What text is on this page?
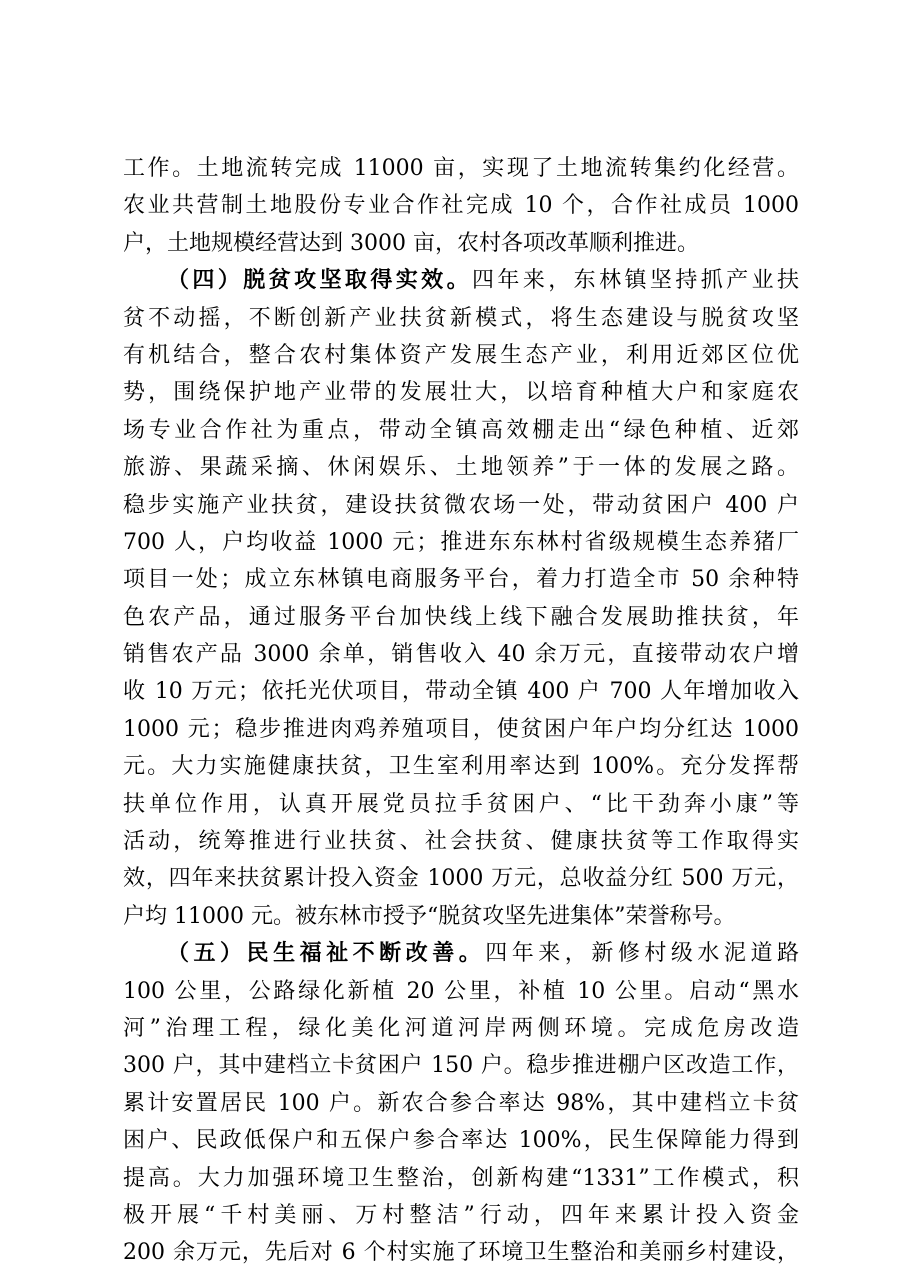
工作。土地流转完成 11000 亩，实现了土地流转集约化经营。
农业共营制土地股份专业合作社完成 10 个，合作社成员 1000
户，土地规模经营达到 3000 亩，农村各项改革顺利推进。
（四）脱贫攻坚取得实效。四年来，东林镇坚持抓产业扶
贫不动摇，不断创新产业扶贫新模式，将生态建设与脱贫攻坚
有机结合，整合农村集体资产发展生态产业，利用近郊区位优
势，围绕保护地产业带的发展壮大，以培育种植大户和家庭农
场专业合作社为重点，带动全镇高效棚走出“绿色种植、近郊
旅游、果蔬采摘、休闲娱乐、土地领养”于一体的发展之路。
稳步实施产业扶贫，建设扶贫微农场一处，带动贫困户 400 户
700 人，户均收益 1000 元；推进东东林村省级规模生态养猪厂
项目一处；成立东林镇电商服务平台，着力打造全市 50 余种特
色农产品，通过服务平台加快线上线下融合发展助推扶贫，年
销售农产品 3000 余单，销售收入 40 余万元，直接带动农户增
收 10 万元；依托光伏项目，带动全镇 400 户 700 人年增加收入
1000 元；稳步推进肉鸡养殖项目，使贫困户年户均分红达 1000
元。大力实施健康扶贫，卫生室利用率达到 100%。充分发挥帮
扶单位作用，认真开展党员拉手贫困户、“比干劲奔小康”等
活动，统筹推进行业扶贫、社会扶贫、健康扶贫等工作取得实
效，四年来扶贫累计投入资金 1000 万元，总收益分红 500 万元，
户均 11000 元。被东林市授予“脱贫攻坚先进集体”荣誉称号。
（五）民生福祉不断改善。四年来，新修村级水泥道路
100 公里，公路绿化新植 20 公里，补植 10 公里。启动“黑水
河”治理工程，绿化美化河道河岸两侧环境。完成危房改造
300 户，其中建档立卡贫困户 150 户。稳步推进棚户区改造工作，
累计安置居民 100 户。新农合参合率达 98%，其中建档立卡贫
困户、民政低保户和五保户参合率达 100%，民生保障能力得到
提高。大力加强环境卫生整治，创新构建“1331”工作模式，积
极开展“千村美丽、万村整洁”行动，四年来累计投入资金
200 余万元，先后对 6 个村实施了环境卫生整治和美丽乡村建设，
